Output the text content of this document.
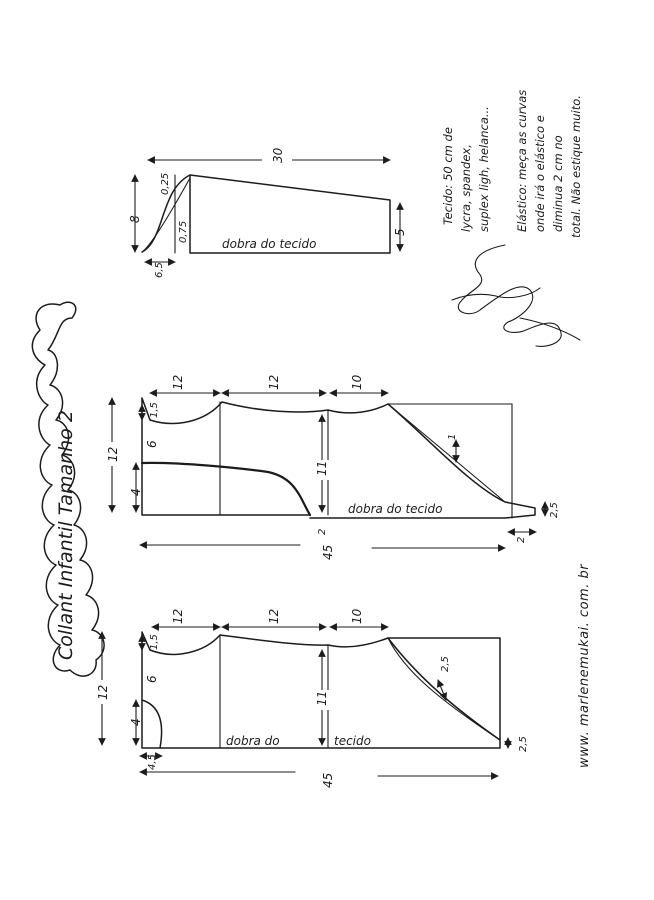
Collant Infantil Tamanho 2
30
8
0,25
0,75
6,5
dobra do tecido
5
12	12	10
1,5
6
4
12
11
2
dobra do tecido
1
2,5
2
45
12	12	10
1,5
6
4
12	11
4,5
dobra do	tecido
2,5
2,5
45
Tecido: 50 cm de lycra, spandex, suplex ligh, helanca... Elástico: meça as curvas onde irá o elástico e diminua 2 cm no total. Não estique muito.
www. marlenemukai. com. br
